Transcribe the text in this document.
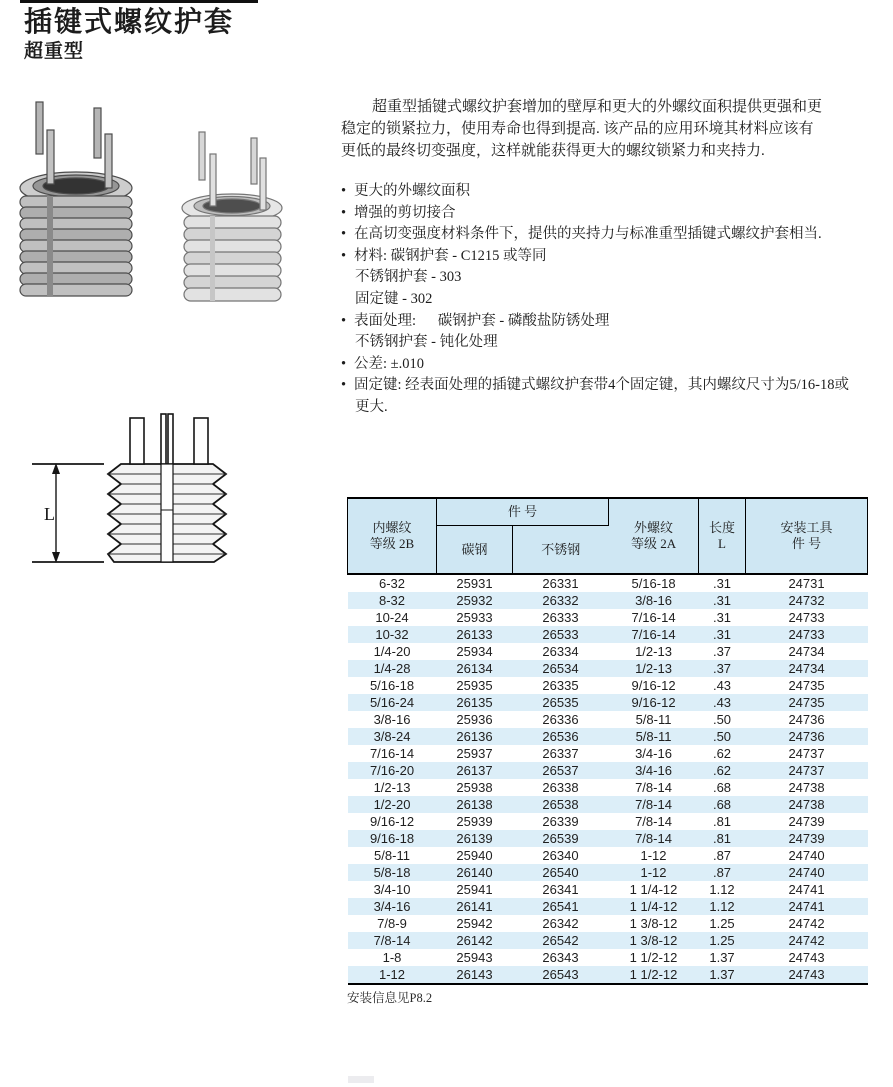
插键式螺纹护套
超重型
超重型插键式螺纹护套增加的壁厚和更大的外螺纹面积提供更强和更
稳定的锁紧拉力，使用寿命也得到提高. 该产品的应用环境其材料应该有
更低的最终切变强度，这样就能获得更大的螺纹锁紧力和夹持力.
• 更大的外螺纹面积
• 增强的剪切接合
• 在高切变强度材料条件下，提供的夹持力与标准重型插键式螺纹护套相当.
• 材料: 碳钢护套 - C1215 或等同
不锈钢护套 - 303
固定键 - 302
• 表面处理:      碳钢护套 - 磷酸盐防锈处理
不锈钢护套 - 钝化处理
• 公差: ±.010
• 固定键: 经表面处理的插键式螺纹护套带4个固定键，其内螺纹尺寸为5/16-18或
更大.
L
内螺纹
等级 2B	件 号		外螺纹
等级 2A	长度
L	安装工具
件 号

	碳钢	不锈钢			
6-32	25931	26331	5/16-18	.31	24731
8-32	25932	26332	3/8-16	.31	24732
10-24	25933	26333	7/16-14	.31	24733
10-32	26133	26533	7/16-14	.31	24733
1/4-20	25934	26334	1/2-13	.37	24734
1/4-28	26134	26534	1/2-13	.37	24734
5/16-18	25935	26335	9/16-12	.43	24735
5/16-24	26135	26535	9/16-12	.43	24735
3/8-16	25936	26336	5/8-11	.50	24736
3/8-24	26136	26536	5/8-11	.50	24736
7/16-14	25937	26337	3/4-16	.62	24737
7/16-20	26137	26537	3/4-16	.62	24737
1/2-13	25938	26338	7/8-14	.68	24738
1/2-20	26138	26538	7/8-14	.68	24738
9/16-12	25939	26339	7/8-14	.81	24739
9/16-18	26139	26539	7/8-14	.81	24739
5/8-11	25940	26340	1-12	.87	24740
5/8-18	26140	26540	1-12	.87	24740
3/4-10	25941	26341	1 1/4-12	1.12	24741
3/4-16	26141	26541	1 1/4-12	1.12	24741
7/8-9	25942	26342	1 3/8-12	1.25	24742
7/8-14	26142	26542	1 3/8-12	1.25	24742
1-8	25943	26343	1 1/2-12	1.37	24743
1-12	26143	26543	1 1/2-12	1.37	24743
安装信息见P8.2
